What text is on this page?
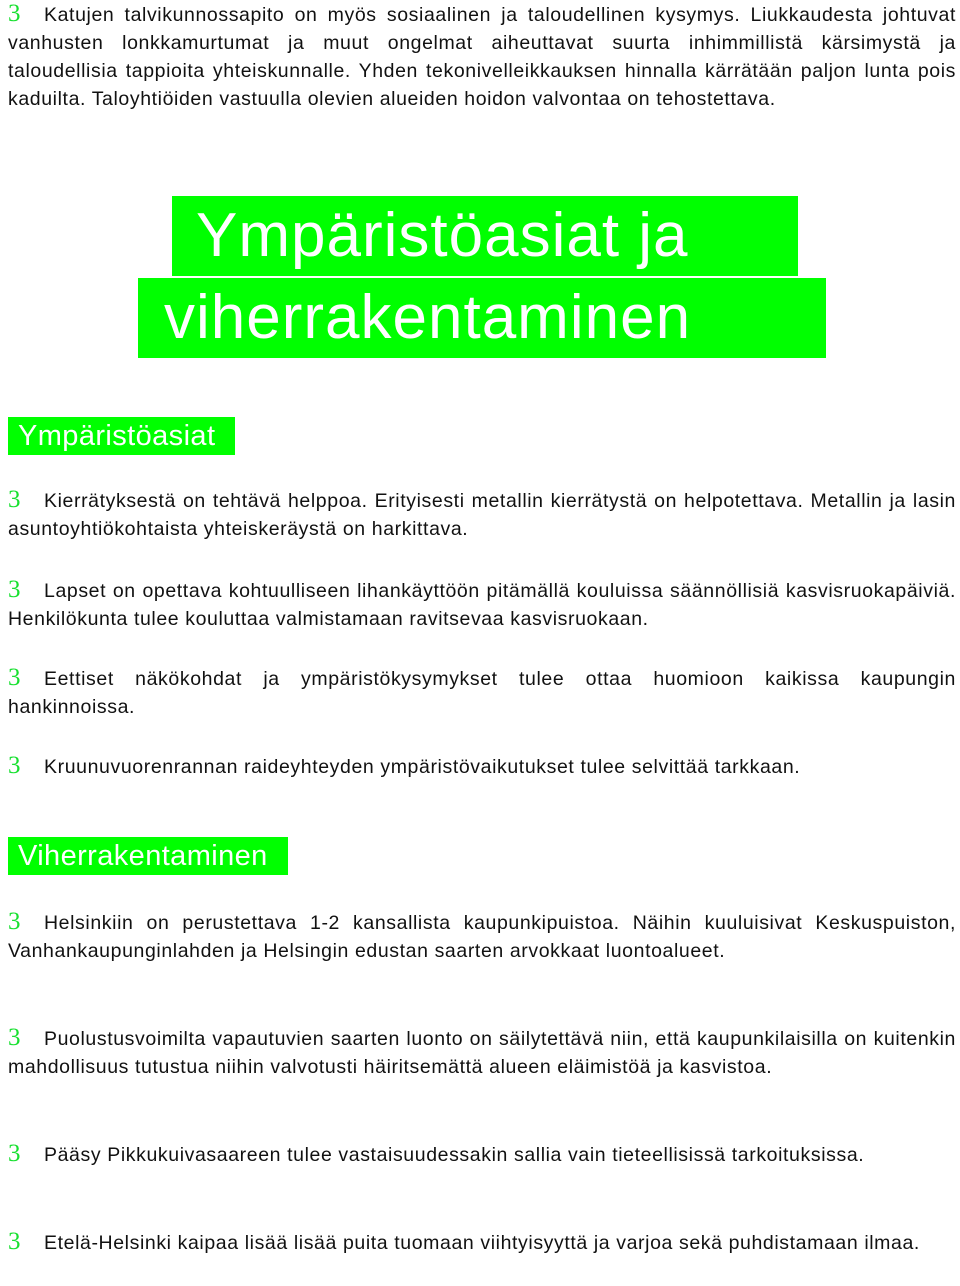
3 Katujen talvikunnossapito on myös sosiaalinen ja taloudellinen kysymys. Liukkaudesta johtuvat vanhusten lonkkamurtumat ja muut ongelmat aiheuttavat suurta inhimmillistä kärsimystä ja taloudellisia tappioita yhteiskunnalle. Yhden tekonivelleikkauksen hinnalla kärrätään paljon lunta pois kaduilta. Taloyhtiöiden vastuulla olevien alueiden hoidon valvontaa on tehostettava.
Ympäristöasiat ja
viherrakentaminen
Ympäristöasiat
3 Kierrätyksestä on tehtävä helppoa. Erityisesti metallin kierrätystä on helpotettava. Metallin ja lasin asuntoyhtiökohtaista yhteiskeräystä on harkittava.
3 Lapset on opettava kohtuulliseen lihankäyttöön pitämällä kouluissa säännöllisiä kasvisruokapäiviä. Henkilökunta tulee kouluttaa valmistamaan ravitsevaa kasvisruokaan.
3 Eettiset näkökohdat ja ympäristökysymykset tulee ottaa huomioon kaikissa kaupungin hankinnoissa.
3 Kruunuvuorenrannan raideyhteyden ympäristövaikutukset tulee selvittää tarkkaan.
Viherrakentaminen
3 Helsinkiin on perustettava 1-2 kansallista kaupunkipuistoa. Näihin kuuluisivat Keskuspuiston, Vanhankaupunginlahden ja Helsingin edustan saarten arvokkaat luontoalueet.
3 Puolustusvoimilta vapautuvien saarten luonto on säilytettävä niin, että kaupunkilaisilla on kuitenkin mahdollisuus tutustua niihin valvotusti häiritsemättä alueen eläimistöä ja kasvistoa.
3 Pääsy Pikkukuivasaareen tulee vastaisuudessakin sallia vain tieteellisissä tarkoituksissa.
3 Etelä-Helsinki kaipaa lisää lisää puita tuomaan viihtyisyyttä ja varjoa sekä puhdistamaan ilmaa.
